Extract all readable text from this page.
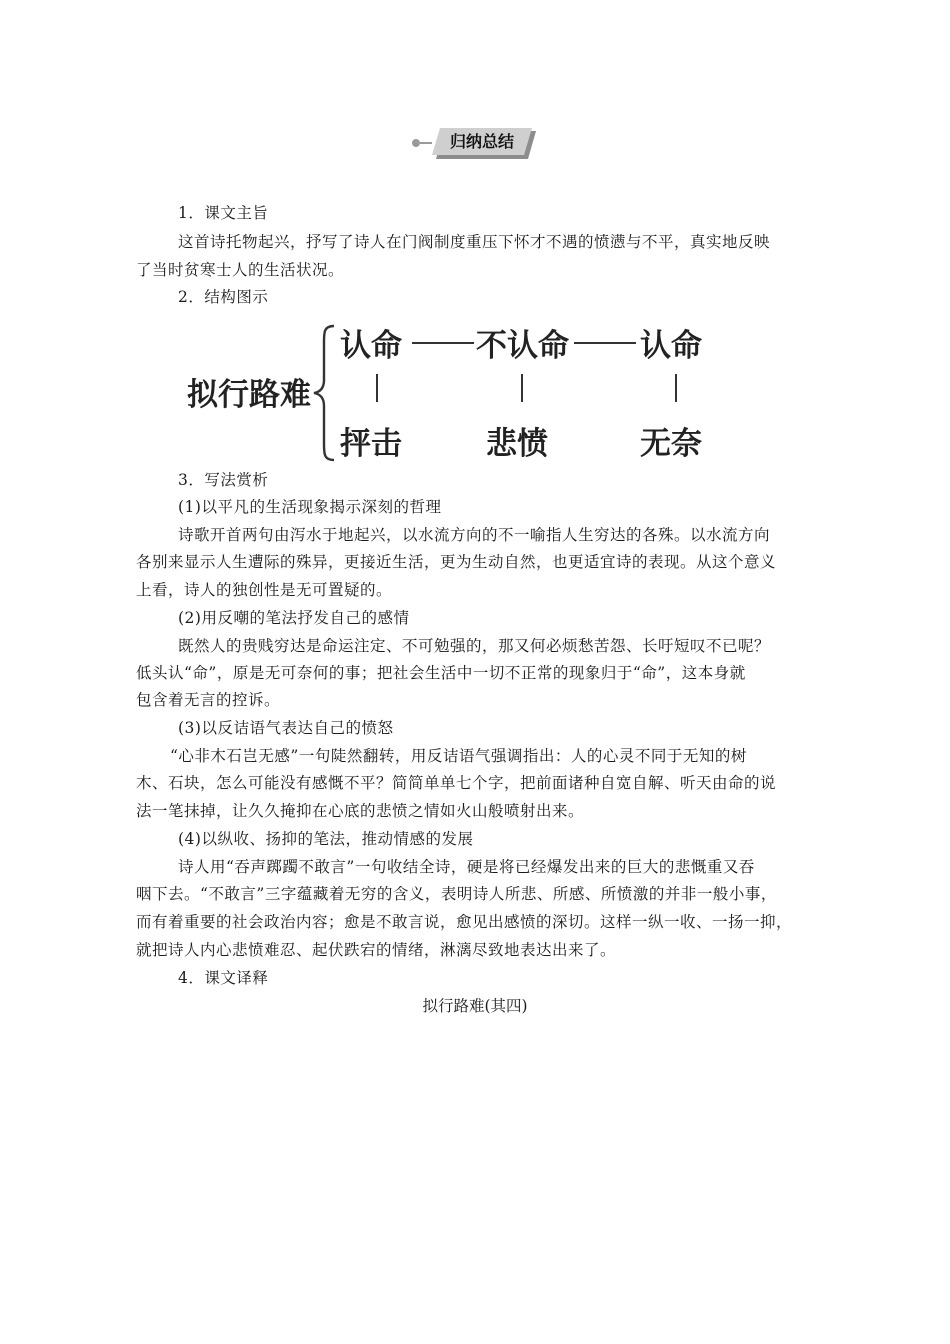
归纳总结
1．课文主旨
这首诗托物起兴，抒写了诗人在门阀制度重压下怀才不遇的愤懑与不平，真实地反映
了当时贫寒士人的生活状况。
2．结构图示
拟行路难
认命 不认命 认命
抨击	悲愤	无奈
3．写法赏析
(1)以平凡的生活现象揭示深刻的哲理
诗歌开首两句由泻水于地起兴，以水流方向的不一喻指人生穷达的各殊。以水流方向
各别来显示人生遭际的殊异，更接近生活，更为生动自然，也更适宜诗的表现。从这个意义
上看，诗人的独创性是无可置疑的。
(2)用反嘲的笔法抒发自己的感情
既然人的贵贱穷达是命运注定、不可勉强的，那又何必烦愁苦怨、长吁短叹不已呢？
低头认“命”，原是无可奈何的事；把社会生活中一切不正常的现象归于“命”，这本身就
包含着无言的控诉。
(3)以反诘语气表达自己的愤怒
“心非木石岂无感”一句陡然翻转，用反诘语气强调指出：人的心灵不同于无知的树
木、石块，怎么可能没有感慨不平？简简单单七个字，把前面诸种自宽自解、听天由命的说
法一笔抹掉，让久久掩抑在心底的悲愤之情如火山般喷射出来。
(4)以纵收、扬抑的笔法，推动情感的发展
诗人用“吞声踯躅不敢言”一句收结全诗，硬是将已经爆发出来的巨大的悲慨重又吞
咽下去。“不敢言”三字蕴藏着无穷的含义，表明诗人所悲、所感、所愤激的并非一般小事，
而有着重要的社会政治内容；愈是不敢言说，愈见出感愤的深切。这样一纵一收、一扬一抑，
就把诗人内心悲愤难忍、起伏跌宕的情绪，淋漓尽致地表达出来了。
4．课文译释
拟行路难(其四)
